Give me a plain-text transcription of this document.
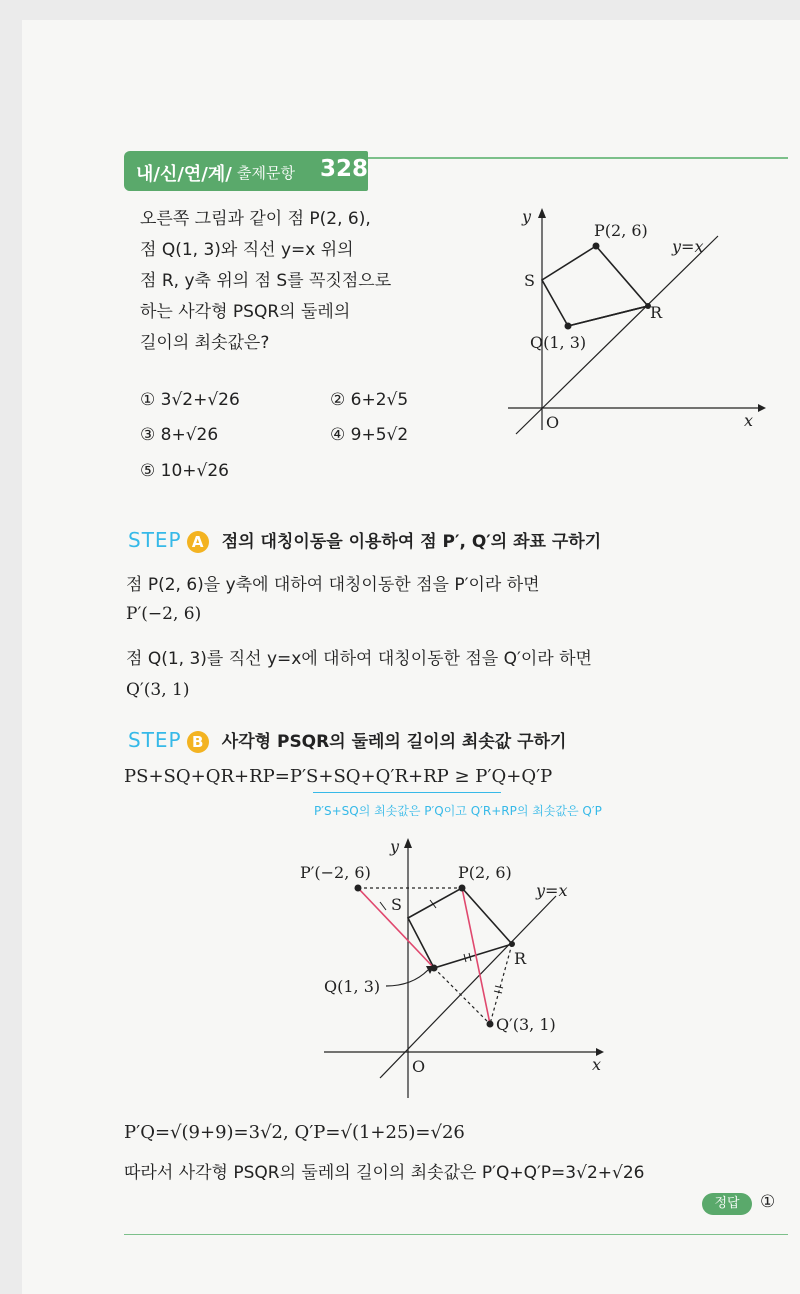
내/신/연/계/ 출제문항 328
오른쪽 그림과 같이 점 P(2, 6),
점 Q(1, 3)와 직선 y=x 위의
점 R, y축 위의 점 S를 꼭짓점으로
하는 사각형 PSQR의 둘레의
길이의 최솟값은?
① 3√2+√26	② 6+2√5
③ 8+√26	④ 9+5√2
⑤ 10+√26
y
x
O
P(2, 6)
y=x
S
R
Q(1, 3)
STEP A 점의 대칭이동을 이용하여 점 P′, Q′의 좌표 구하기
점 P(2, 6)을 y축에 대하여 대칭이동한 점을 P′이라 하면
P′(−2, 6)
점 Q(1, 3)를 직선 y=x에 대하여 대칭이동한 점을 Q′이라 하면
Q′(3, 1)
STEP B 사각형 PSQR의 둘레의 길이의 최솟값 구하기
PS+SQ+QR+RP=P′S+SQ+Q′R+RP ≥ P′Q+Q′P
P′S+SQ의 최솟값은 P′Q이고 Q′R+RP의 최솟값은 Q′P
y
x
O
P′(−2, 6)	P(2, 6)
y=x
S
R
Q(1, 3)
Q′(3, 1)
P′Q=√(9+9)=3√2, Q′P=√(1+25)=√26
따라서 사각형 PSQR의 둘레의 길이의 최솟값은 P′Q+Q′P=3√2+√26
정답	①
